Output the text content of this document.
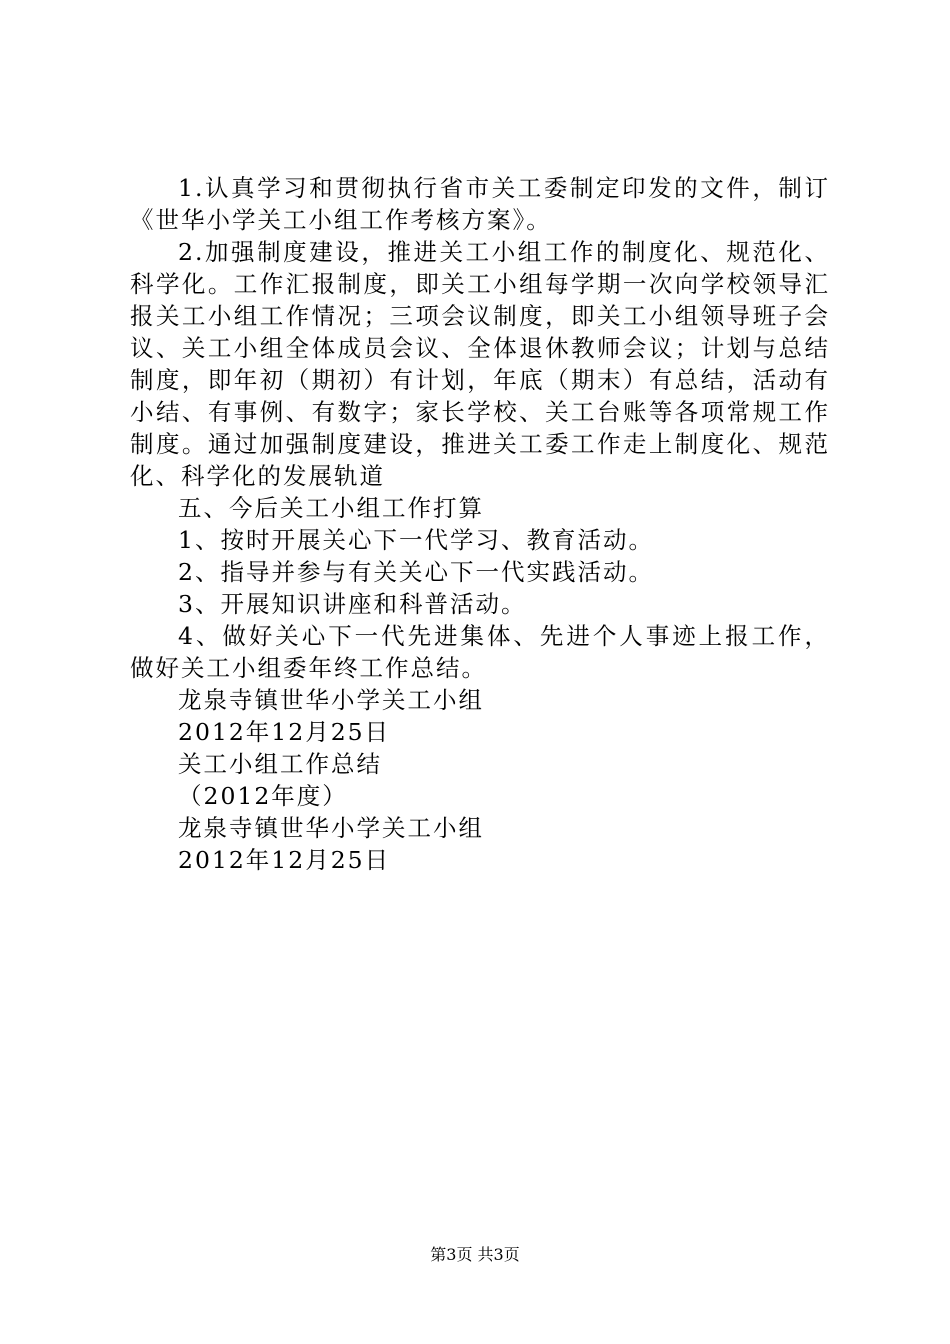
1.认真学习和贯彻执行省市关工委制定印发的文件，制订《世华小学关工小组工作考核方案》。

2.加强制度建设，推进关工小组工作的制度化、规范化、科学化。工作汇报制度，即关工小组每学期一次向学校领导汇报关工小组工作情况；三项会议制度，即关工小组领导班子会议、关工小组全体成员会议、全体退休教师会议；计划与总结制度，即年初（期初）有计划，年底（期末）有总结，活动有小结、有事例、有数字；家长学校、关工台账等各项常规工作制度。通过加强制度建设，推进关工委工作走上制度化、规范化、科学化的发展轨道

五、今后关工小组工作打算

1、按时开展关心下一代学习、教育活动。

2、指导并参与有关关心下一代实践活动。

3、开展知识讲座和科普活动。

4、做好关心下一代先进集体、先进个人事迹上报工作，做好关工小组委年终工作总结。

龙泉寺镇世华小学关工小组

2012年12月25日

关工小组工作总结

（2012年度）

龙泉寺镇世华小学关工小组

2012年12月25日

第3页 共3页
